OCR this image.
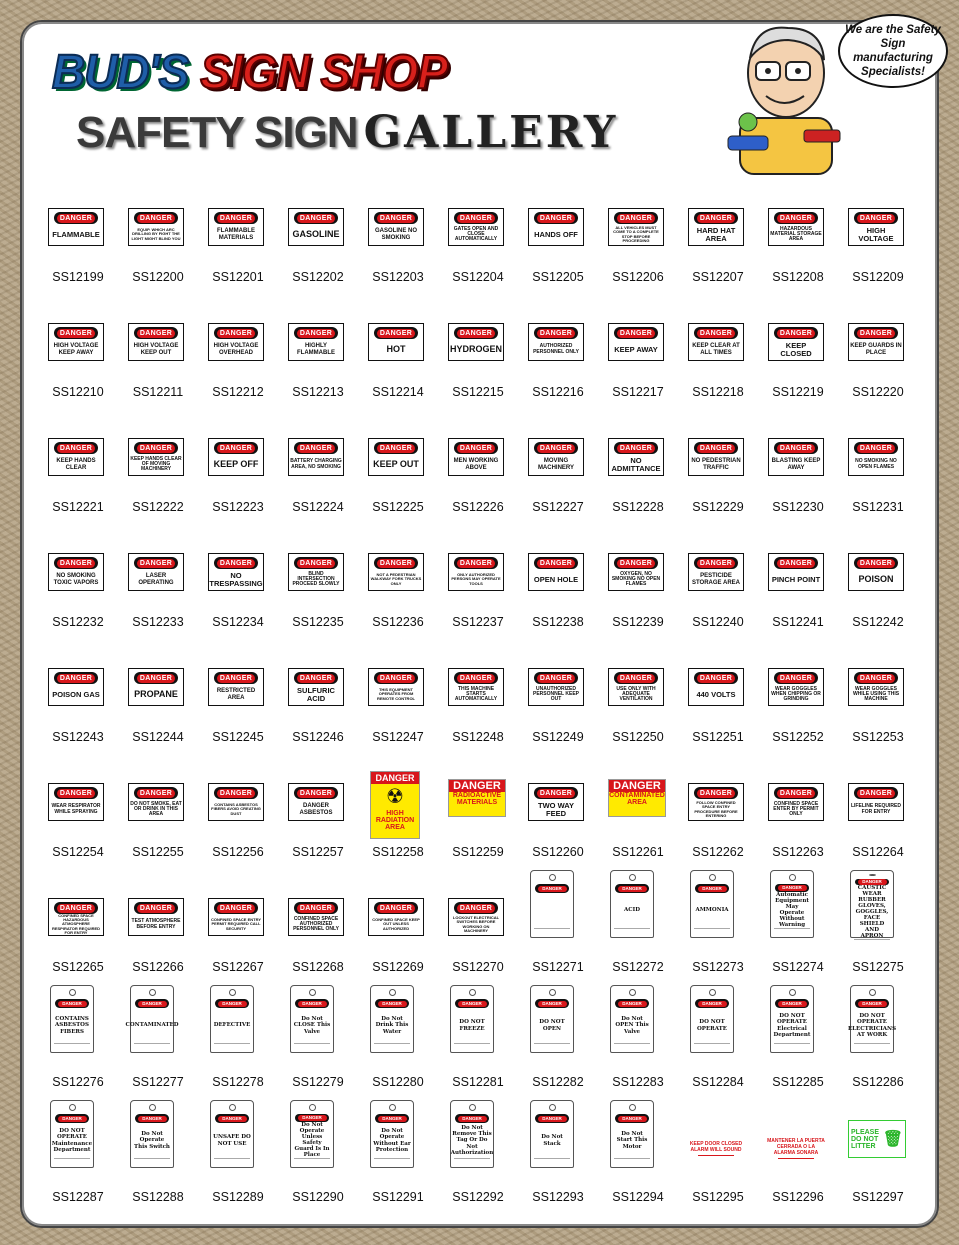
BUD'S SIGN SHOP
SAFETY SIGN GALLERY
We are the Safety Sign manufacturing Specialists!
DANGER
FLAMMABLE
SS12199
DANGER
EQUIP. WHICH ARC DRILLING BY FIGHT THE LIGHT MIGHT BLIND YOU
SS12200
DANGER
FLAMMABLE MATERIALS
SS12201
DANGER
GASOLINE
SS12202
DANGER
GASOLINE NO SMOKING
SS12203
DANGER
GATES OPEN AND CLOSE AUTOMATICALLY
SS12204
DANGER
HANDS OFF
SS12205
DANGER
ALL VEHICLES MUST COME TO A COMPLETE STOP BEFORE PROCEEDING
SS12206
DANGER
HARD HAT AREA
SS12207
DANGER
HAZARDOUS MATERIAL STORAGE AREA
SS12208
DANGER
HIGH VOLTAGE
SS12209
DANGER
HIGH VOLTAGE KEEP AWAY
SS12210
DANGER
HIGH VOLTAGE KEEP OUT
SS12211
DANGER
HIGH VOLTAGE OVERHEAD
SS12212
DANGER
HIGHLY FLAMMABLE
SS12213
DANGER
HOT
SS12214
DANGER
HYDROGEN
SS12215
DANGER
AUTHORIZED PERSONNEL ONLY
SS12216
DANGER
KEEP AWAY
SS12217
DANGER
KEEP CLEAR AT ALL TIMES
SS12218
DANGER
KEEP CLOSED
SS12219
DANGER
KEEP GUARDS IN PLACE
SS12220
DANGER
KEEP HANDS CLEAR
SS12221
DANGER
KEEP HANDS CLEAR OF MOVING MACHINERY
SS12222
DANGER
KEEP OFF
SS12223
DANGER
BATTERY CHARGING AREA, NO SMOKING
SS12224
DANGER
KEEP OUT
SS12225
DANGER
MEN WORKING ABOVE
SS12226
DANGER
MOVING MACHINERY
SS12227
DANGER
NO ADMITTANCE
SS12228
DANGER
NO PEDESTRIAN TRAFFIC
SS12229
DANGER
BLASTING KEEP AWAY
SS12230
DANGER
NO SMOKING NO OPEN FLAMES
SS12231
DANGER
NO SMOKING TOXIC VAPORS
SS12232
DANGER
LASER OPERATING
SS12233
DANGER
NO TRESPASSING
SS12234
DANGER
BLIND INTERSECTION PROCEED SLOWLY
SS12235
DANGER
NOT A PEDESTRIAN WALKWAY FORK TRUCKS ONLY
SS12236
DANGER
ONLY AUTHORIZED PERSONS MAY OPERATE TOOLS
SS12237
DANGER
OPEN HOLE
SS12238
DANGER
OXYGEN, NO SMOKING NO OPEN FLAMES
SS12239
DANGER
PESTICIDE STORAGE AREA
SS12240
DANGER
PINCH POINT
SS12241
DANGER
POISON
SS12242
DANGER
POISON GAS
SS12243
DANGER
PROPANE
SS12244
DANGER
RESTRICTED AREA
SS12245
DANGER
SULFURIC ACID
SS12246
DANGER
THIS EQUIPMENT OPERATES FROM REMOTE CONTROL
SS12247
DANGER
THIS MACHINE STARTS AUTOMATICALLY
SS12248
DANGER
UNAUTHORIZED PERSONNEL KEEP OUT
SS12249
DANGER
USE ONLY WITH ADEQUATE VENTILATION
SS12250
DANGER
440 VOLTS
SS12251
DANGER
WEAR GOGGLES WHEN CHIPPING OR GRINDING
SS12252
DANGER
WEAR GOGGLES WHILE USING THIS MACHINE
SS12253
DANGER
WEAR RESPIRATOR WHILE SPRAYING
SS12254
DANGER
DO NOT SMOKE, EAT OR DRINK IN THIS AREA
SS12255
DANGER
CONTAINS ASBESTOS FIBERS AVOID CREATING DUST
SS12256
DANGER
DANGER ASBESTOS
SS12257
DANGER
☢
HIGH RADIATION AREA
SS12258
DANGER
RADIOACTIVE MATERIALS
SS12259
DANGER
TWO WAY FEED
SS12260
DANGER
CONTAMINATED AREA
SS12261
DANGER
FOLLOW CONFINED SPACE ENTRY PROCEDURE BEFORE ENTERING
SS12262
DANGER
CONFINED SPACE ENTER BY PERMIT ONLY
SS12263
DANGER
LIFELINE REQUIRED FOR ENTRY
SS12264
DANGER
CONFINED SPACE HAZARDOUS ATMOSPHERE RESPIRATOR REQUIRED FOR ENTRY
SS12265
DANGER
TEST ATMOSPHERE BEFORE ENTRY
SS12266
DANGER
CONFINED SPACE ENTRY PERMIT REQUIRED CALL SECURITY
SS12267
DANGER
CONFINED SPACE AUTHORIZED PERSONNEL ONLY
SS12268
DANGER
CONFINED SPACE KEEP OUT UNLESS AUTHORIZED
SS12269
DANGER
LOCKOUT ELECTRICAL SWITCHES BEFORE WORKING ON MACHINERY
SS12270
DANGER
SS12271
DANGER
ACID
SS12272
DANGER
AMMONIA
SS12273
DANGER
Automatic Equipment May Operate Without Warning
SS12274
DANGER
CAUSTIC WEAR RUBBER GLOVES, GOGGLES, FACE SHIELD AND APRON
SS12275
DANGER
CONTAINS ASBESTOS FIBERS
SS12276
DANGER
CONTAMINATED
SS12277
DANGER
DEFECTIVE
SS12278
DANGER
Do Not CLOSE This Valve
SS12279
DANGER
Do Not Drink This Water
SS12280
DANGER
DO NOT FREEZE
SS12281
DANGER
DO NOT OPEN
SS12282
DANGER
Do Not OPEN This Valve
SS12283
DANGER
DO NOT OPERATE
SS12284
DANGER
DO NOT OPERATE Electrical Department
SS12285
DANGER
DO NOT OPERATE ELECTRICIANS AT WORK
SS12286
DANGER
DO NOT OPERATE Maintenance Department
SS12287
DANGER
Do Not Operate This Switch
SS12288
DANGER
UNSAFE DO NOT USE
SS12289
DANGER
Do Not Operate Unless Safety Guard Is In Place
SS12290
DANGER
Do Not Operate Without Ear Protection
SS12291
DANGER
Do Not Remove This Tag Or Do Not Authorization
SS12292
DANGER
Do Not Stack
SS12293
DANGER
Do Not Start This Motor
SS12294
KEEP DOOR CLOSED ALARM WILL SOUND
SS12295
MANTENER LA PUERTA CERRADA O LA ALARMA SONARA
SS12296
PLEASE DO NOT LITTER 🗑
SS12297
